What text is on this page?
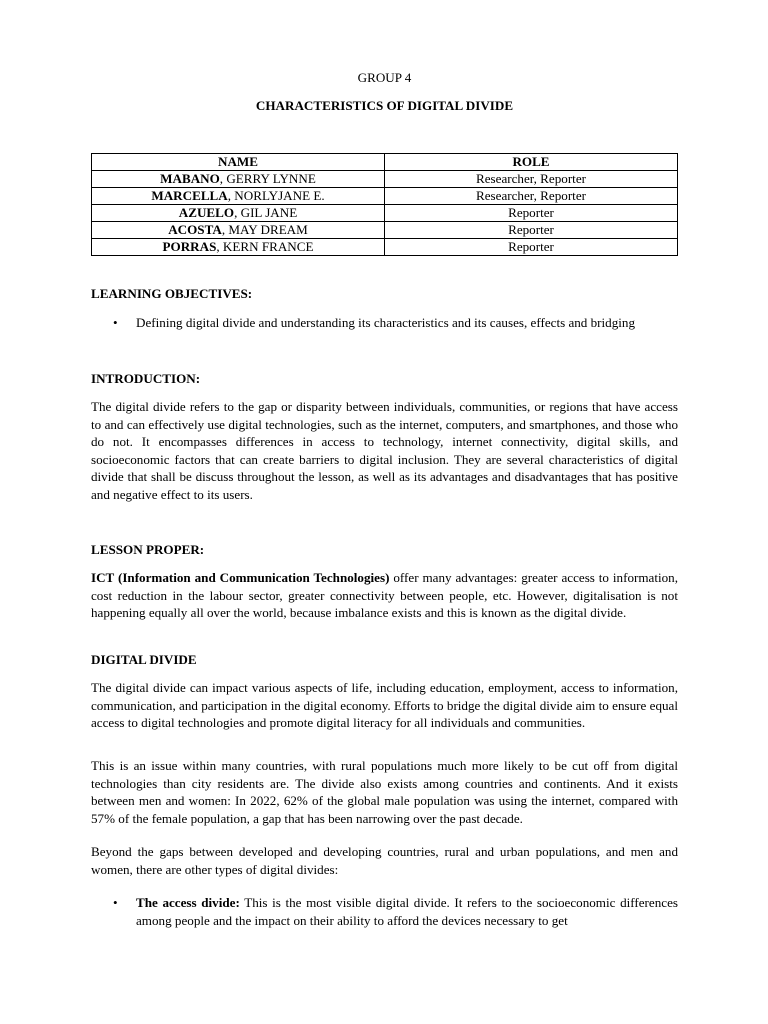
GROUP 4
CHARACTERISTICS OF DIGITAL DIVIDE
NAME	ROLE
MABANO, GERRY LYNNE	Researcher, Reporter
MARCELLA, NORLYJANE E.	Researcher, Reporter
AZUELO, GIL JANE	Reporter
ACOSTA, MAY DREAM	Reporter
PORRAS, KERN FRANCE	Reporter
LEARNING OBJECTIVES:
• Defining digital divide and understanding its characteristics and its causes, effects and bridging
INTRODUCTION:
The digital divide refers to the gap or disparity between individuals, communities, or regions that have access to and can effectively use digital technologies, such as the internet, computers, and smartphones, and those who do not. It encompasses differences in access to technology, internet connectivity, digital skills, and socioeconomic factors that can create barriers to digital inclusion. They are several characteristics of digital divide that shall be discuss throughout the lesson, as well as its advantages and disadvantages that has positive and negative effect to its users.
LESSON PROPER:
ICT (Information and Communication Technologies) offer many advantages: greater access to information, cost reduction in the labour sector, greater connectivity between people, etc. However, digitalisation is not happening equally all over the world, because imbalance exists and this is known as the digital divide.
DIGITAL DIVIDE
The digital divide can impact various aspects of life, including education, employment, access to information, communication, and participation in the digital economy. Efforts to bridge the digital divide aim to ensure equal access to digital technologies and promote digital literacy for all individuals and communities.
This is an issue within many countries, with rural populations much more likely to be cut off from digital technologies than city residents are. The divide also exists among countries and continents. And it exists between men and women: In 2022, 62% of the global male population was using the internet, compared with 57% of the female population, a gap that has been narrowing over the past decade.
Beyond the gaps between developed and developing countries, rural and urban populations, and men and women, there are other types of digital divides:
• The access divide: This is the most visible digital divide. It refers to the socioeconomic differences among people and the impact on their ability to afford the devices necessary to get
